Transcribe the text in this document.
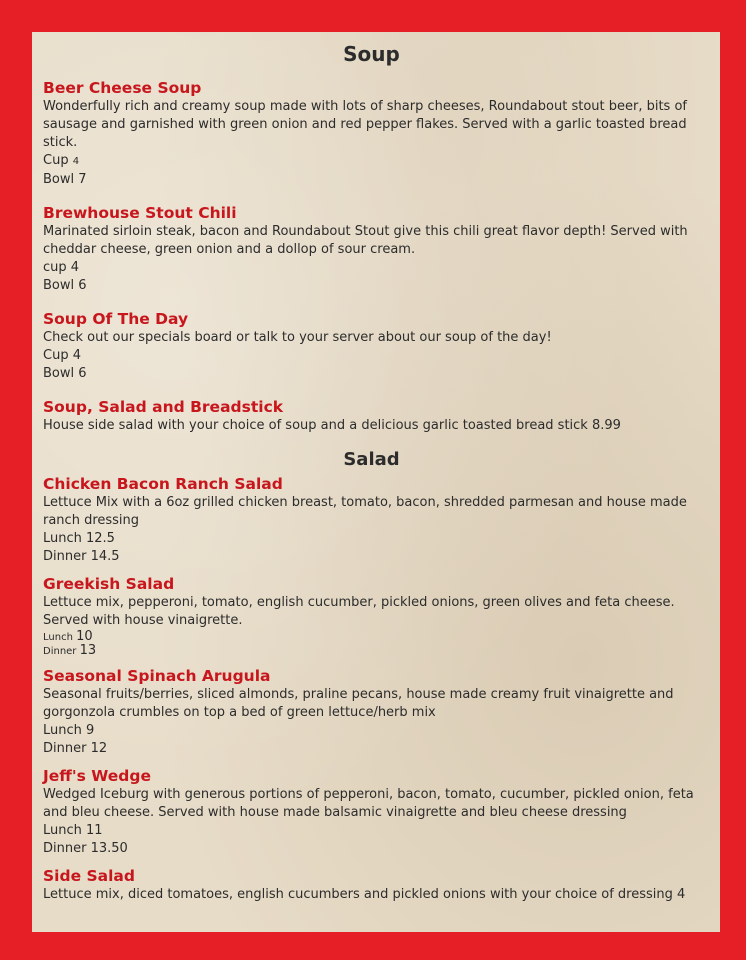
Soup

Beer Cheese Soup

Wonderfully rich and creamy soup made with lots of sharp cheeses, Roundabout stout beer, bits of sausage and garnished with green onion and red pepper flakes. Served with a garlic toasted bread stick.

Cup 4

Bowl 7

Brewhouse Stout Chili

Marinated sirloin steak, bacon and Roundabout Stout give this chili great flavor depth! Served with cheddar cheese, green onion and a dollop of sour cream.

cup 4

Bowl 6

Soup Of The Day

Check out our specials board or talk to your server about our soup of the day!

Cup 4

Bowl 6

Soup, Salad and Breadstick

House side salad with your choice of soup and a delicious garlic toasted bread stick 8.99

Salad

Chicken Bacon Ranch Salad

Lettuce Mix with a 6oz grilled chicken breast, tomato, bacon, shredded parmesan and house made ranch dressing

Lunch 12.5

Dinner 14.5

Greekish Salad

Lettuce mix, pepperoni, tomato, english cucumber, pickled onions, green olives and feta cheese. Served with house vinaigrette.

Lunch 10

Dinner 13

Seasonal Spinach Arugula

Seasonal fruits/berries, sliced almonds, praline pecans, house made creamy fruit vinaigrette and gorgonzola crumbles on top a bed of green lettuce/herb mix

Lunch 9

Dinner 12

Jeff's Wedge

Wedged Iceburg with generous portions of pepperoni, bacon, tomato, cucumber, pickled onion, feta and bleu cheese. Served with house made balsamic vinaigrette and bleu cheese dressing

Lunch 11

Dinner 13.50

Side Salad

Lettuce mix, diced tomatoes, english cucumbers and pickled onions with your choice of dressing 4
